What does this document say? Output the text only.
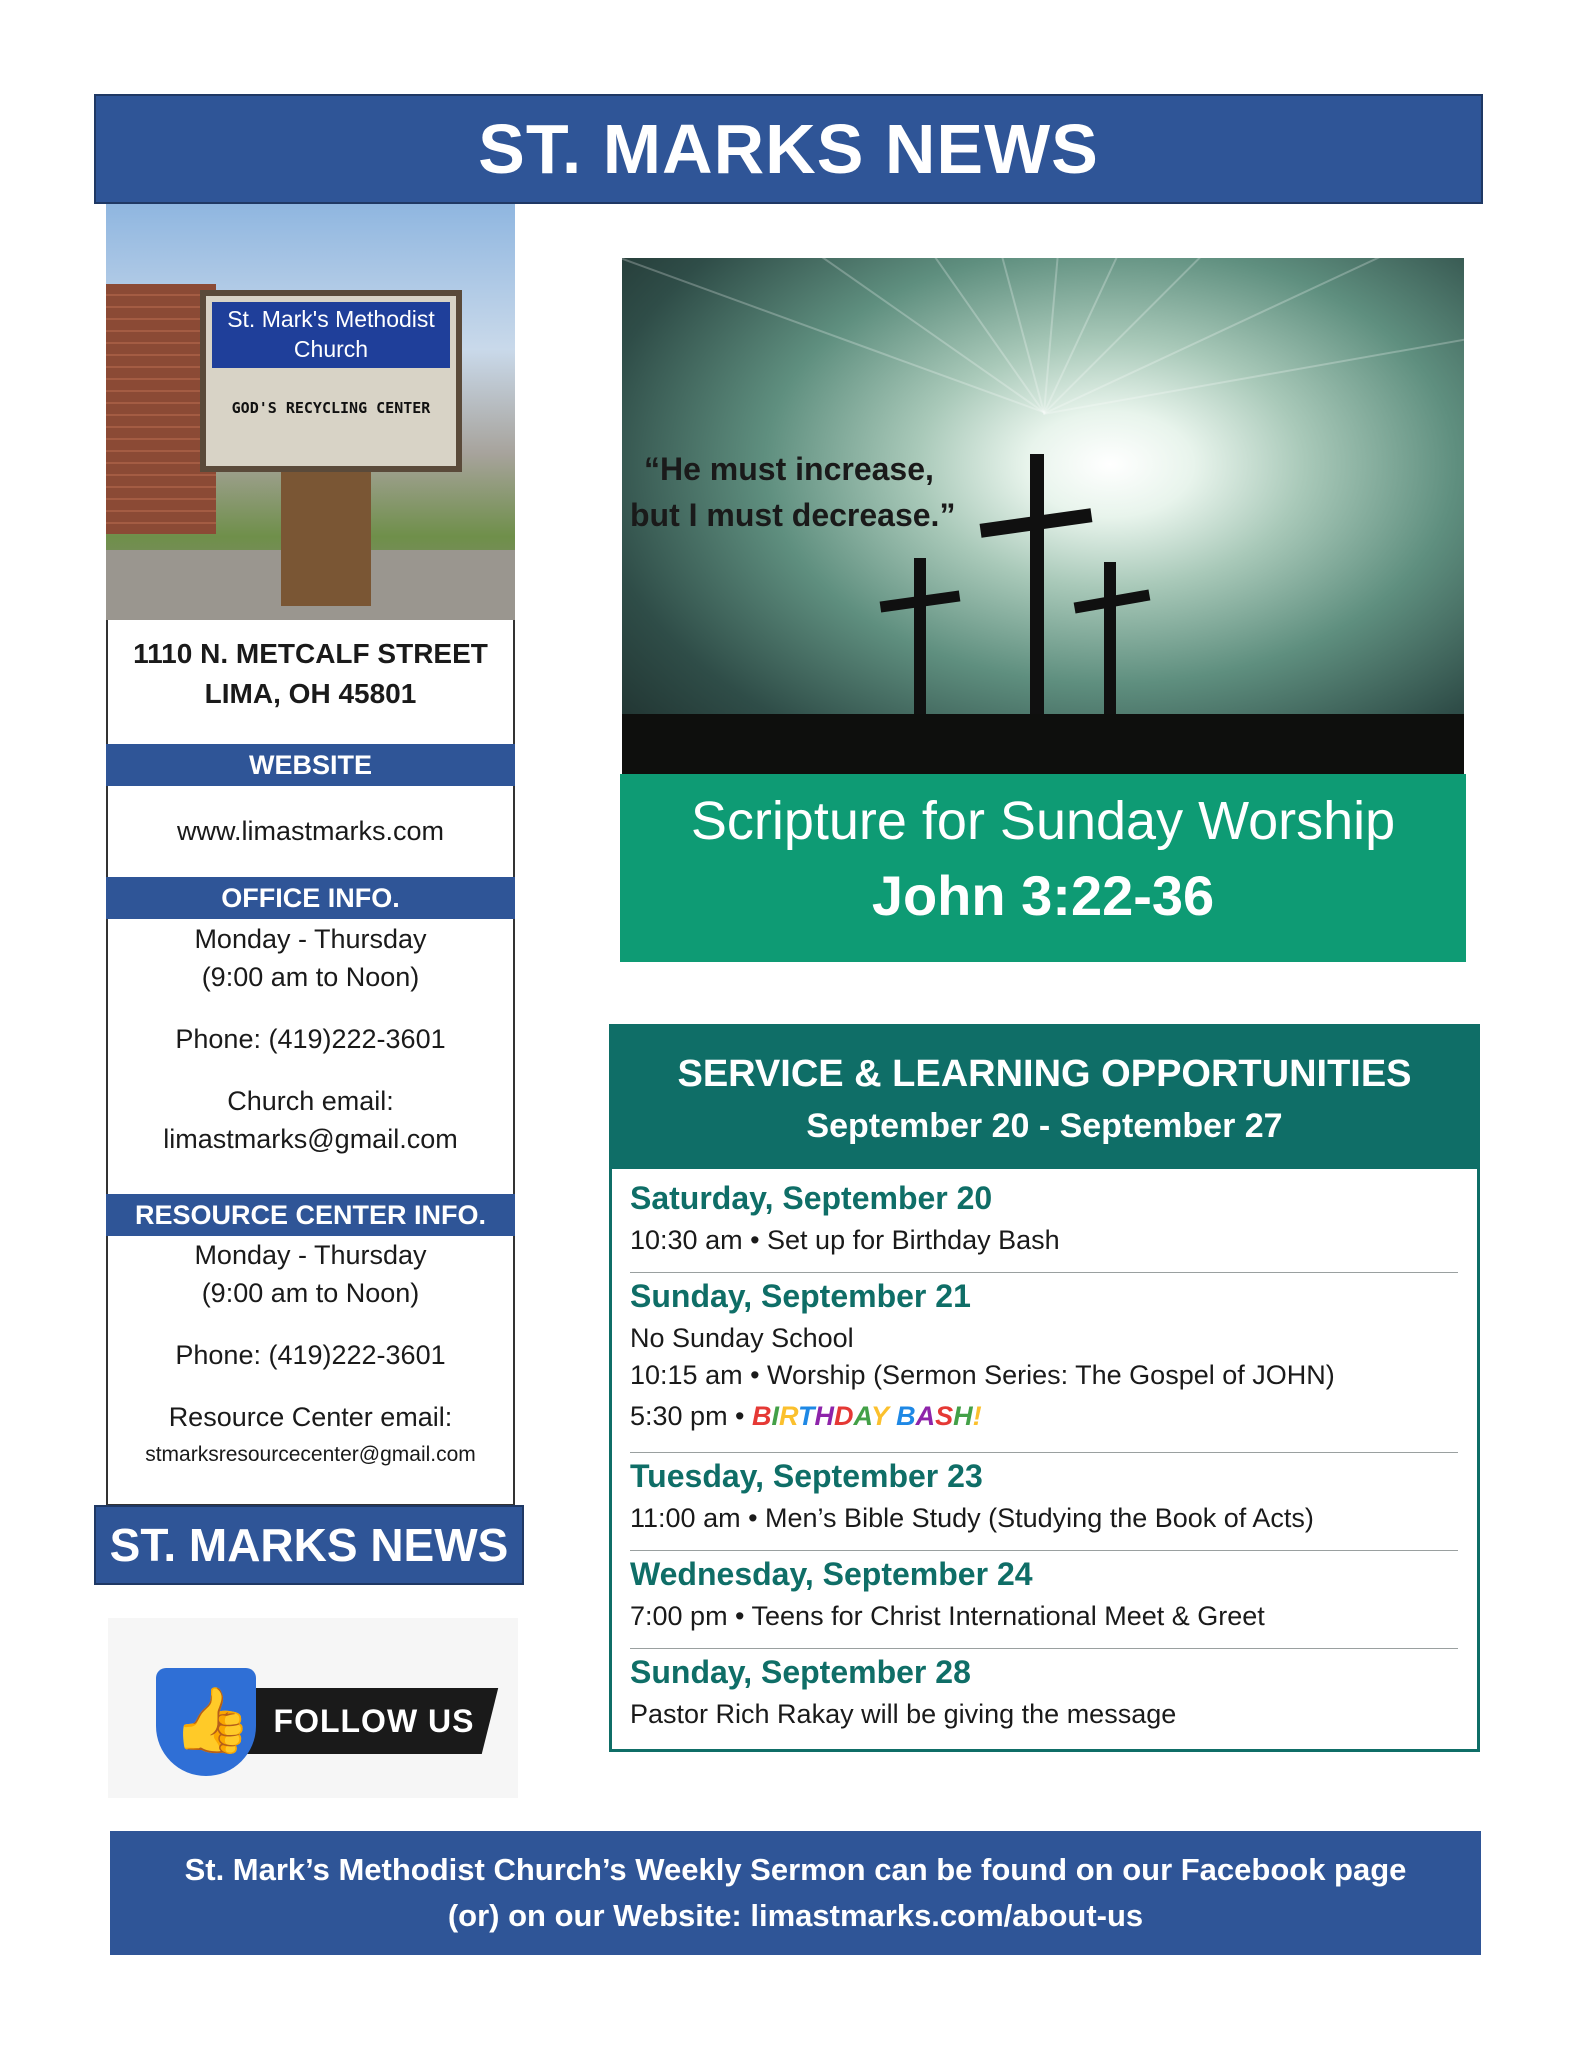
ST. MARKS NEWS
St. Mark's Methodist Church
GOD'S RECYCLING CENTER
1110 N. METCALF STREET
LIMA, OH 45801
WEBSITE
www.limastmarks.com
OFFICE INFO.
Monday - Thursday
(9:00 am to Noon)
Phone: (419)222-3601
Church email:
limastmarks@gmail.com
RESOURCE CENTER INFO.
Monday - Thursday
(9:00 am to Noon)
Phone: (419)222-3601
Resource Center email:
stmarksresourcecenter@gmail.com
ST. MARKS NEWS
FOLLOW US
👍
“He must increase,
but I must decrease.”
Scripture for Sunday Worship
John 3:22-36
SERVICE & LEARNING OPPORTUNITIES
September 20 - September 27
Saturday, September 20
10:30 am • Set up for Birthday Bash
Sunday, September 21
No Sunday School
10:15 am • Worship (Sermon Series: The Gospel of JOHN)
5:30 pm • BIRTHDAY BASH!
Tuesday, September 23
11:00 am • Men’s Bible Study (Studying the Book of Acts)
Wednesday, September 24
7:00 pm • Teens for Christ International Meet & Greet
Sunday, September 28
Pastor Rich Rakay will be giving the message
St. Mark’s Methodist Church’s Weekly Sermon can be found on our Facebook page
(or) on our Website: limastmarks.com/about-us
